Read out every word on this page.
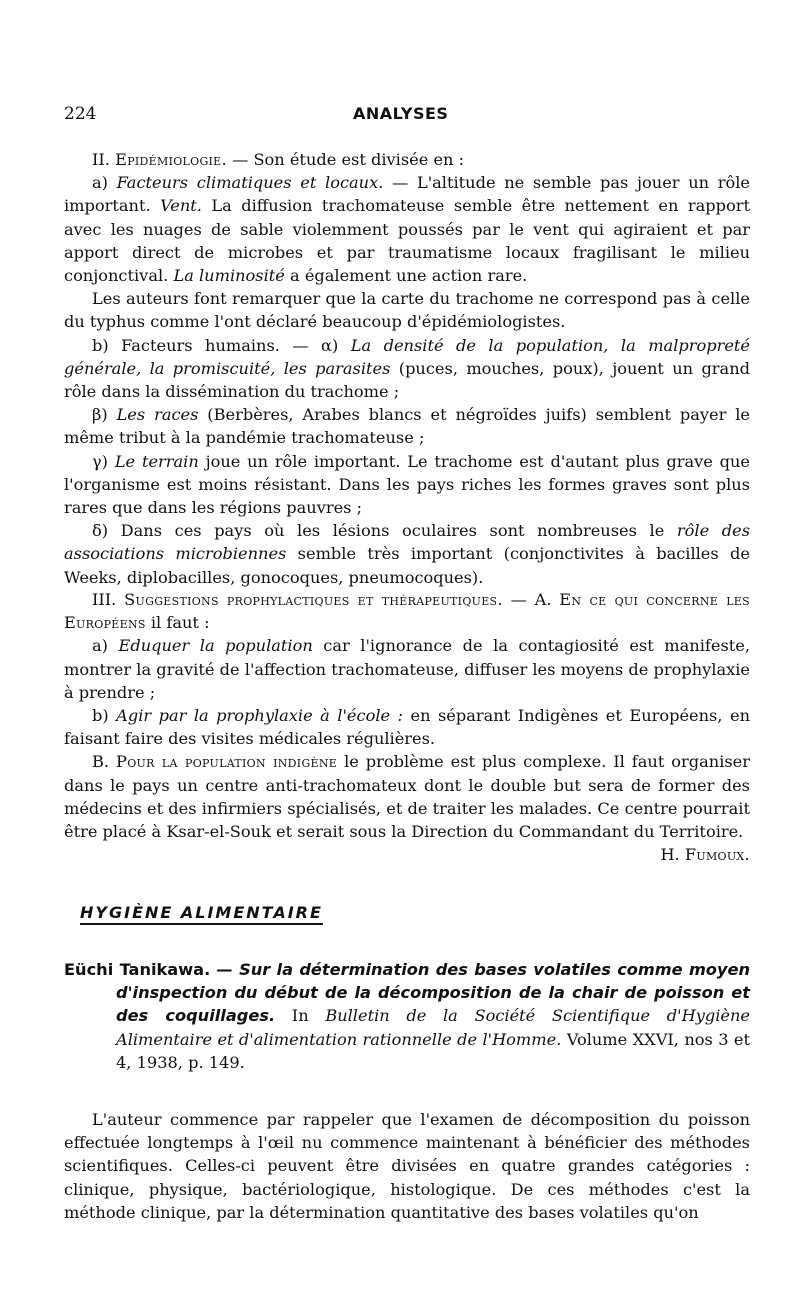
224	ANALYSES

II. Epidémiologie. — Son étude est divisée en :

a) Facteurs climatiques et locaux. — L'altitude ne semble pas jouer un rôle important. Vent. La diffusion trachomateuse semble être nettement en rapport avec les nuages de sable violemment poussés par le vent qui agiraient et par apport direct de microbes et par traumatisme locaux fragilisant le milieu conjonctival. La luminosité a également une action rare.

Les auteurs font remarquer que la carte du trachome ne correspond pas à celle du typhus comme l'ont déclaré beaucoup d'épidémiologistes.

b) Facteurs humains. — α) La densité de la population, la malpropreté générale, la promiscuité, les parasites (puces, mouches, poux), jouent un grand rôle dans la dissémination du trachome ;

β) Les races (Berbères, Arabes blancs et négroïdes juifs) semblent payer le même tribut à la pandémie trachomateuse ;

γ) Le terrain joue un rôle important. Le trachome est d'autant plus grave que l'organisme est moins résistant. Dans les pays riches les formes graves sont plus rares que dans les régions pauvres ;

δ) Dans ces pays où les lésions oculaires sont nombreuses le rôle des associations microbiennes semble très important (conjonctivites à bacilles de Weeks, diplobacilles, gonocoques, pneumocoques).

III. Suggestions prophylactiques et thérapeutiques. — A. En ce qui concerne les Européens il faut :

a) Eduquer la population car l'ignorance de la contagiosité est manifeste, montrer la gravité de l'affection trachomateuse, diffuser les moyens de prophylaxie à prendre ;

b) Agir par la prophylaxie à l'école : en séparant Indigènes et Européens, en faisant faire des visites médicales régulières.

B. Pour la population indigène le problème est plus complexe. Il faut organiser dans le pays un centre anti-trachomateux dont le double but sera de former des médecins et des infirmiers spécialisés, et de traiter les malades. Ce centre pourrait être placé à Ksar-el-Souk et serait sous la Direction du Commandant du Territoire.
H. Fumoux.

HYGIÈNE ALIMENTAIRE

Eüchi Tanikawa. — Sur la détermination des bases volatiles comme moyen d'inspection du début de la décomposition de la chair de poisson et des coquillages. In Bulletin de la Société Scientifique d'Hygiène Alimentaire et d'alimentation rationnelle de l'Homme. Volume XXVI, nos 3 et 4, 1938, p. 149.

L'auteur commence par rappeler que l'examen de décomposition du poisson effectuée longtemps à l'œil nu commence maintenant à bénéficier des méthodes scientifiques. Celles-ci peuvent être divisées en quatre grandes catégories : clinique, physique, bactériologique, histologique. De ces méthodes c'est la méthode clinique, par la détermination quantitative des bases volatiles qu'on
